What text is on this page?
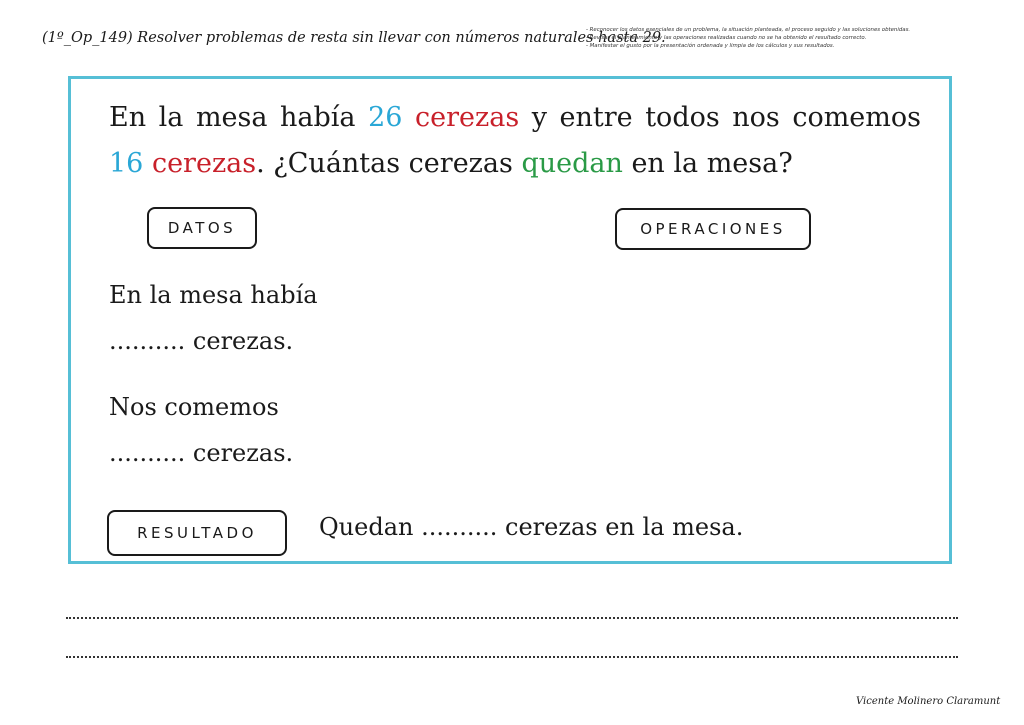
(1º_Op_149) Resolver problemas de resta sin llevar con números naturales hasta 29.
- Reconocer los datos esenciales de un problema, la situación planteada, el proceso seguido y las soluciones obtenidas.
- Revisar el planteamiento y las operaciones realizadas cuando no se ha obtenido el resultado correcto.
- Manifestar el gusto por la presentación ordenada y limpia de los cálculos y sus resultados.
En la mesa había 26 cerezas y entre todos nos comemos 16 cerezas. ¿Cuántas cerezas quedan en la mesa?
DATOS	OPERACIONES
En la mesa había
.......... cerezas.
Nos comemos
.......... cerezas.
RESULTADO	Quedan .......... cerezas en la mesa.
Vicente Molinero Claramunt
